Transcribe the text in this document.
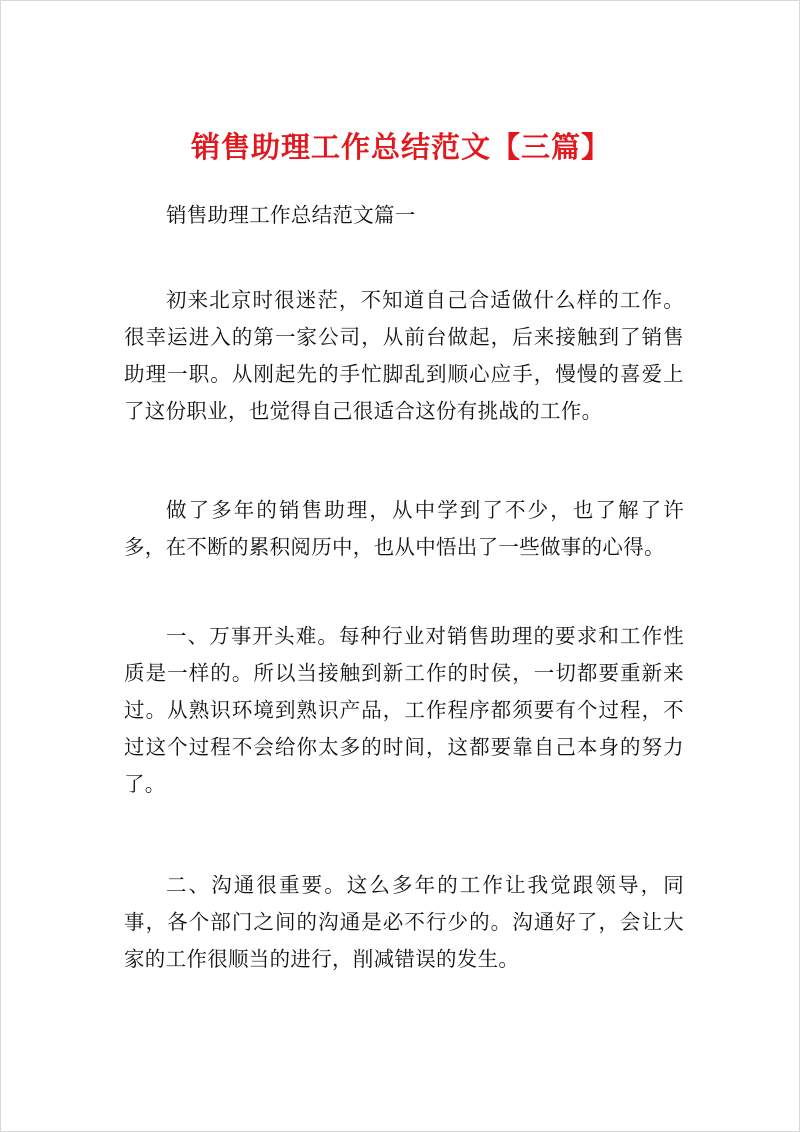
销售助理工作总结范文【三篇】
销售助理工作总结范文篇一
初来北京时很迷茫，不知道自己合适做什么样的工作。很幸运进入的第一家公司，从前台做起，后来接触到了销售助理一职。从刚起先的手忙脚乱到顺心应手，慢慢的喜爱上了这份职业，也觉得自己很适合这份有挑战的工作。
做了多年的销售助理，从中学到了不少，也了解了许多，在不断的累积阅历中，也从中悟出了一些做事的心得。
一、万事开头难。每种行业对销售助理的要求和工作性质是一样的。所以当接触到新工作的时侯，一切都要重新来过。从熟识环境到熟识产品，工作程序都须要有个过程，不过这个过程不会给你太多的时间，这都要靠自己本身的努力了。
二、沟通很重要。这么多年的工作让我觉跟领导，同事，各个部门之间的沟通是必不行少的。沟通好了，会让大家的工作很顺当的进行，削减错误的发生。
